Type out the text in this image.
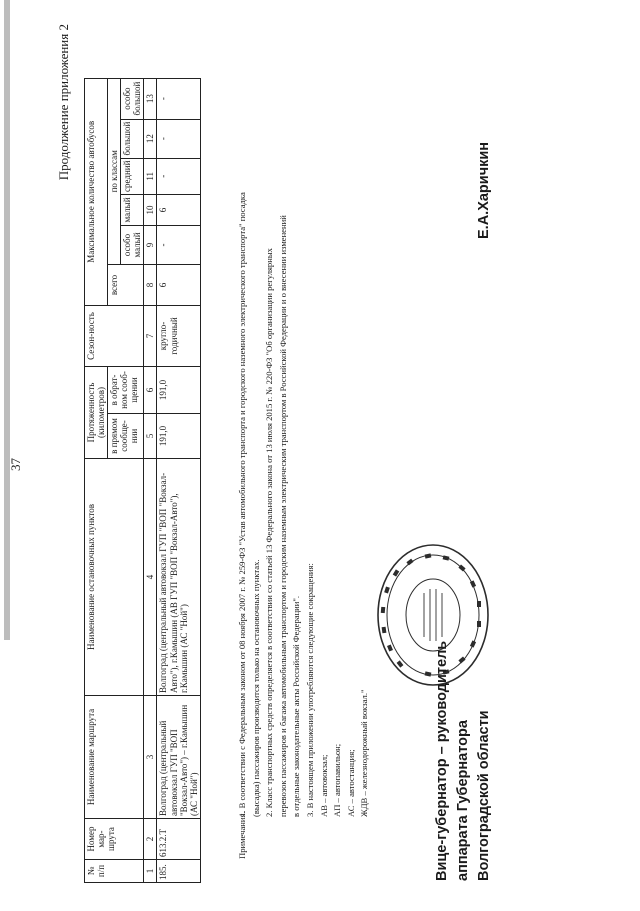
37
Продолжение приложения 2
№ п/п	Номер мар-шрута	Наименование маршрута	Наименование остановочных пунктов	Протяженность (километров)		Сезон-ность	Максимальное количество автобусов					
				в прямом сообще-нии	в обрат-ном сооб-щении		всего	по классам				
								особо малый	малый	средний	большой	особо большой
1	2	3	4	5	6	7	8	9	10	11	12	13
185.	613.2.Т	Волгоград (центральный автовокзал ГУП "ВОП "Вокзал-Авто") – г.Камышин (АС "Ной")	Волгоград (центральный автовокзал ГУП "ВОП "Вокзал-Авто"), г.Камышин (АВ ГУП "ВОП "Вокзал-Авто"), г.Камышин (АС "Ной")	191,0	191,0	кругло-годичный	6	-	6	-	-	-
Примечания.
1. В соответствии с Федеральным законом от 08 ноября 2007 г. № 259-ФЗ "Устав автомобильного транспорта и городского наземного электрического транспорта" посадка (высадка) пассажиров производится только на остановочных пунктах. 2. Класс транспортных средств определяется в соответствии со статьей 13 Федерального закона от 13 июля 2015 г. № 220-ФЗ "Об организации регулярных перевозок пассажиров и багажа автомобильным транспортом и городским наземным электрическим транспортом в Российской Федерации и о внесении изменений в отдельные законодательные акты Российской Федерации". 3. В настоящем приложении употребляются следующие сокращения: АВ – автовокзал; АП – автопавильон; АС – автостанция; ЖДВ – железнодорожный вокзал."	Вице-губернатор – руководитель аппарата Губернатора Волгоградской области
Е.А.Харичкин
